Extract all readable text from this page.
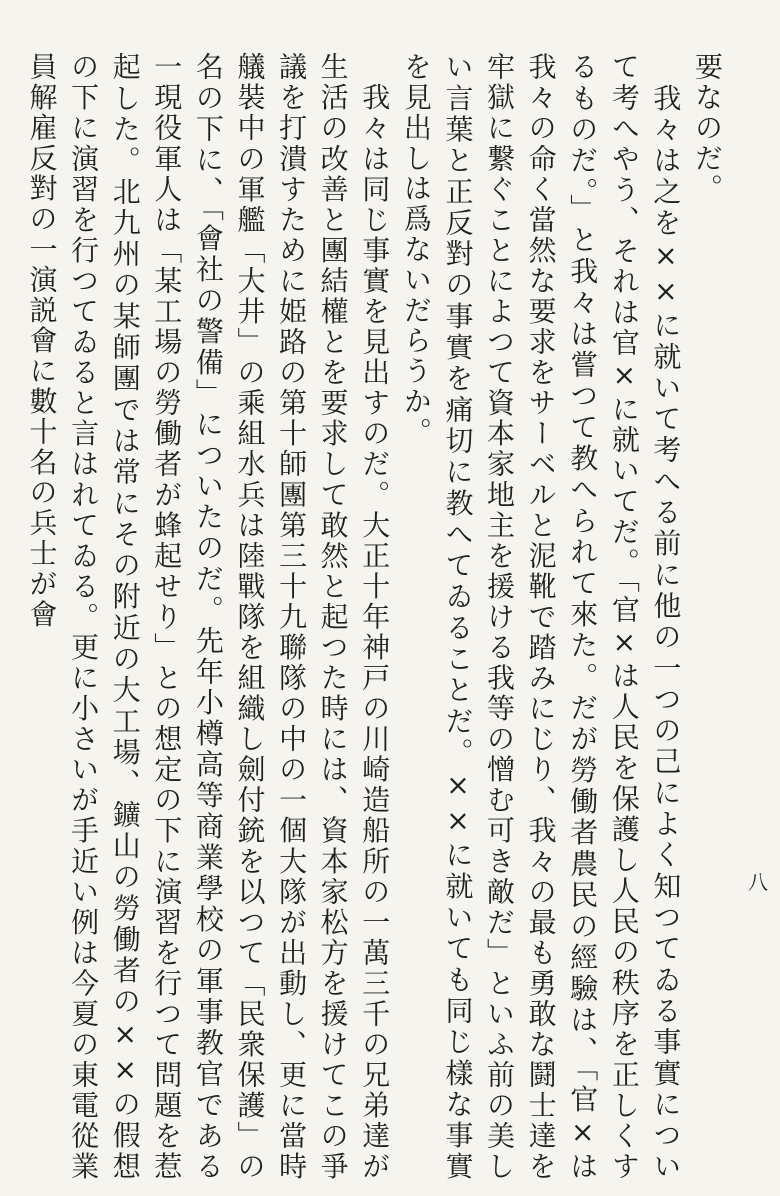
要なのだ。

　我々は之を××に就いて考へる前に他の一つの己によく知つてゐる事實について考へやう、それは官×に就いてだ。「官×は人民を保護し人民の秩序を正しくするものだ。」と我々は嘗つて教へられて來た。だが勞働者農民の經驗は、「官×は我々の命く當然な要求をサーベルと泥靴で踏みにじり、我々の最も勇敢な鬪士達を牢獄に繋ぐことによつて資本家地主を援ける我等の憎む可き敵だ」といふ前の美しい言葉と正反對の事實を痛切に教へてゐることだ。××に就いても同じ樣な事實を見出しは爲ないだらうか。

　我々は同じ事實を見出すのだ。大正十年神戸の川崎造船所の一萬三千の兄弟達が生活の改善と團結權とを要求して敢然と起つた時には、資本家松方を援けてこの爭議を打潰すために姫路の第十師團第三十九聯隊の中の一個大隊が出動し、更に當時艤裝中の軍艦「大井」の乘組水兵は陸戰隊を組織し劍付銃を以つて「民衆保護」の名の下に、「會社の警備」についたのだ。先年小樽高等商業學校の軍事教官である一現役軍人は「某工場の勞働者が蜂起せり」との想定の下に演習を行つて問題を惹起した。北九州の某師團では常にその附近の大工場、鑛山の勞働者の××の假想の下に演習を行つてゐると言はれてゐる。更に小さいが手近い例は今夏の東電從業員解雇反對の一演説會に數十名の兵士が會

八
